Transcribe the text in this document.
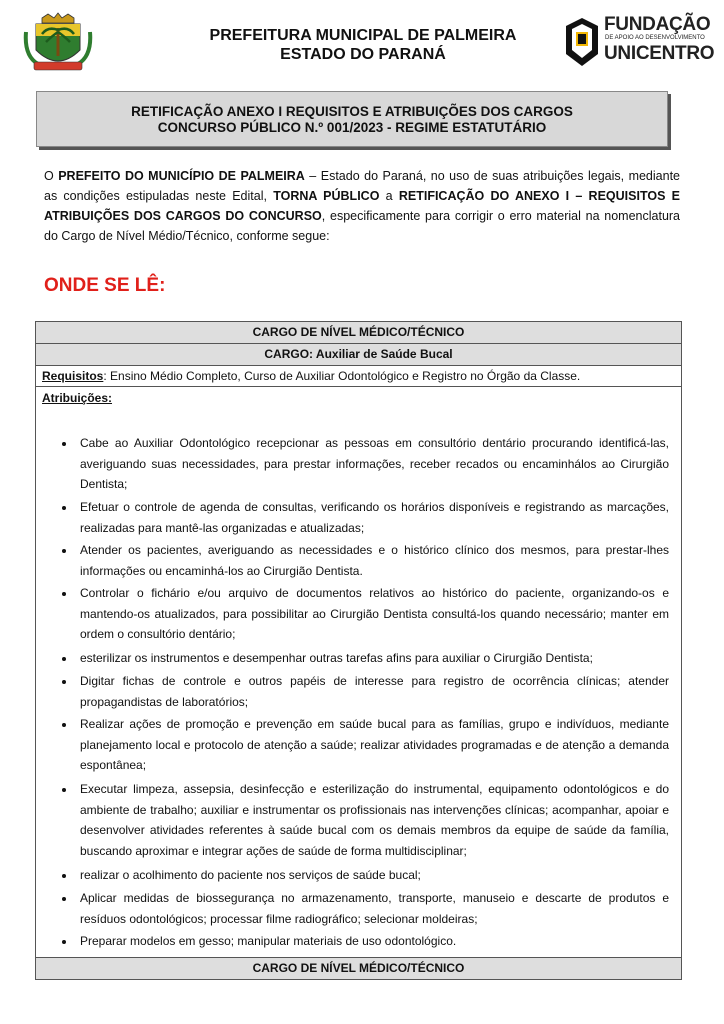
PREFEITURA MUNICIPAL DE PALMEIRA
ESTADO DO PARANÁ
FUNDAÇÃO
DE APOIO AO DESENVOLVIMENTO
UNICENTRO
RETIFICAÇÃO ANEXO I REQUISITOS E ATRIBUIÇÕES DOS CARGOS
CONCURSO PÚBLICO N.º 001/2023 - REGIME ESTATUTÁRIO
O PREFEITO DO MUNICÍPIO DE PALMEIRA – Estado do Paraná, no uso de suas atribuições legais, mediante as condições estipuladas neste Edital, TORNA PÚBLICO a RETIFICAÇÃO DO ANEXO I – REQUISITOS E ATRIBUIÇÕES DOS CARGOS DO CONCURSO, especificamente para corrigir o erro material na nomenclatura do Cargo de Nível Médio/Técnico, conforme segue:
ONDE SE LÊ:
CARGO DE NÍVEL MÉDICO/TÉCNICO
CARGO: Auxiliar de Saúde Bucal
Requisitos: Ensino Médio Completo, Curso de Auxiliar Odontológico e Registro no Órgão da Classe.
Atribuições:
Cabe ao Auxiliar Odontológico recepcionar as pessoas em consultório dentário procurando identificá-las, averiguando suas necessidades, para prestar informações, receber recados ou encaminhálos ao Cirurgião Dentista;
Efetuar o controle de agenda de consultas, verificando os horários disponíveis e registrando as marcações, realizadas para mantê-las organizadas e atualizadas;
Atender os pacientes, averiguando as necessidades e o histórico clínico dos mesmos, para prestar-lhes informações ou encaminhá-los ao Cirurgião Dentista.
Controlar o fichário e/ou arquivo de documentos relativos ao histórico do paciente, organizando-os e mantendo-os atualizados, para possibilitar ao Cirurgião Dentista consultá-los quando necessário; manter em ordem o consultório dentário;
esterilizar os instrumentos e desempenhar outras tarefas afins para auxiliar o Cirurgião Dentista;
Digitar fichas de controle e outros papéis de interesse para registro de ocorrência clínicas; atender propagandistas de laboratórios;
Realizar ações de promoção e prevenção em saúde bucal para as famílias, grupo e indivíduos, mediante planejamento local e protocolo de atenção a saúde; realizar atividades programadas e de atenção a demanda espontânea;
Executar limpeza, assepsia, desinfecção e esterilização do instrumental, equipamento odontológicos e do ambiente de trabalho; auxiliar e instrumentar os profissionais nas intervenções clínicas; acompanhar, apoiar e desenvolver atividades referentes à saúde bucal com os demais membros da equipe de saúde da família, buscando aproximar e integrar ações de saúde de forma multidisciplinar;
realizar o acolhimento do paciente nos serviços de saúde bucal;
Aplicar medidas de biossegurança no armazenamento, transporte, manuseio e descarte de produtos e resíduos odontológicos; processar filme radiográfico; selecionar moldeiras;
Preparar modelos em gesso; manipular materiais de uso odontológico.
CARGO DE NÍVEL MÉDICO/TÉCNICO
